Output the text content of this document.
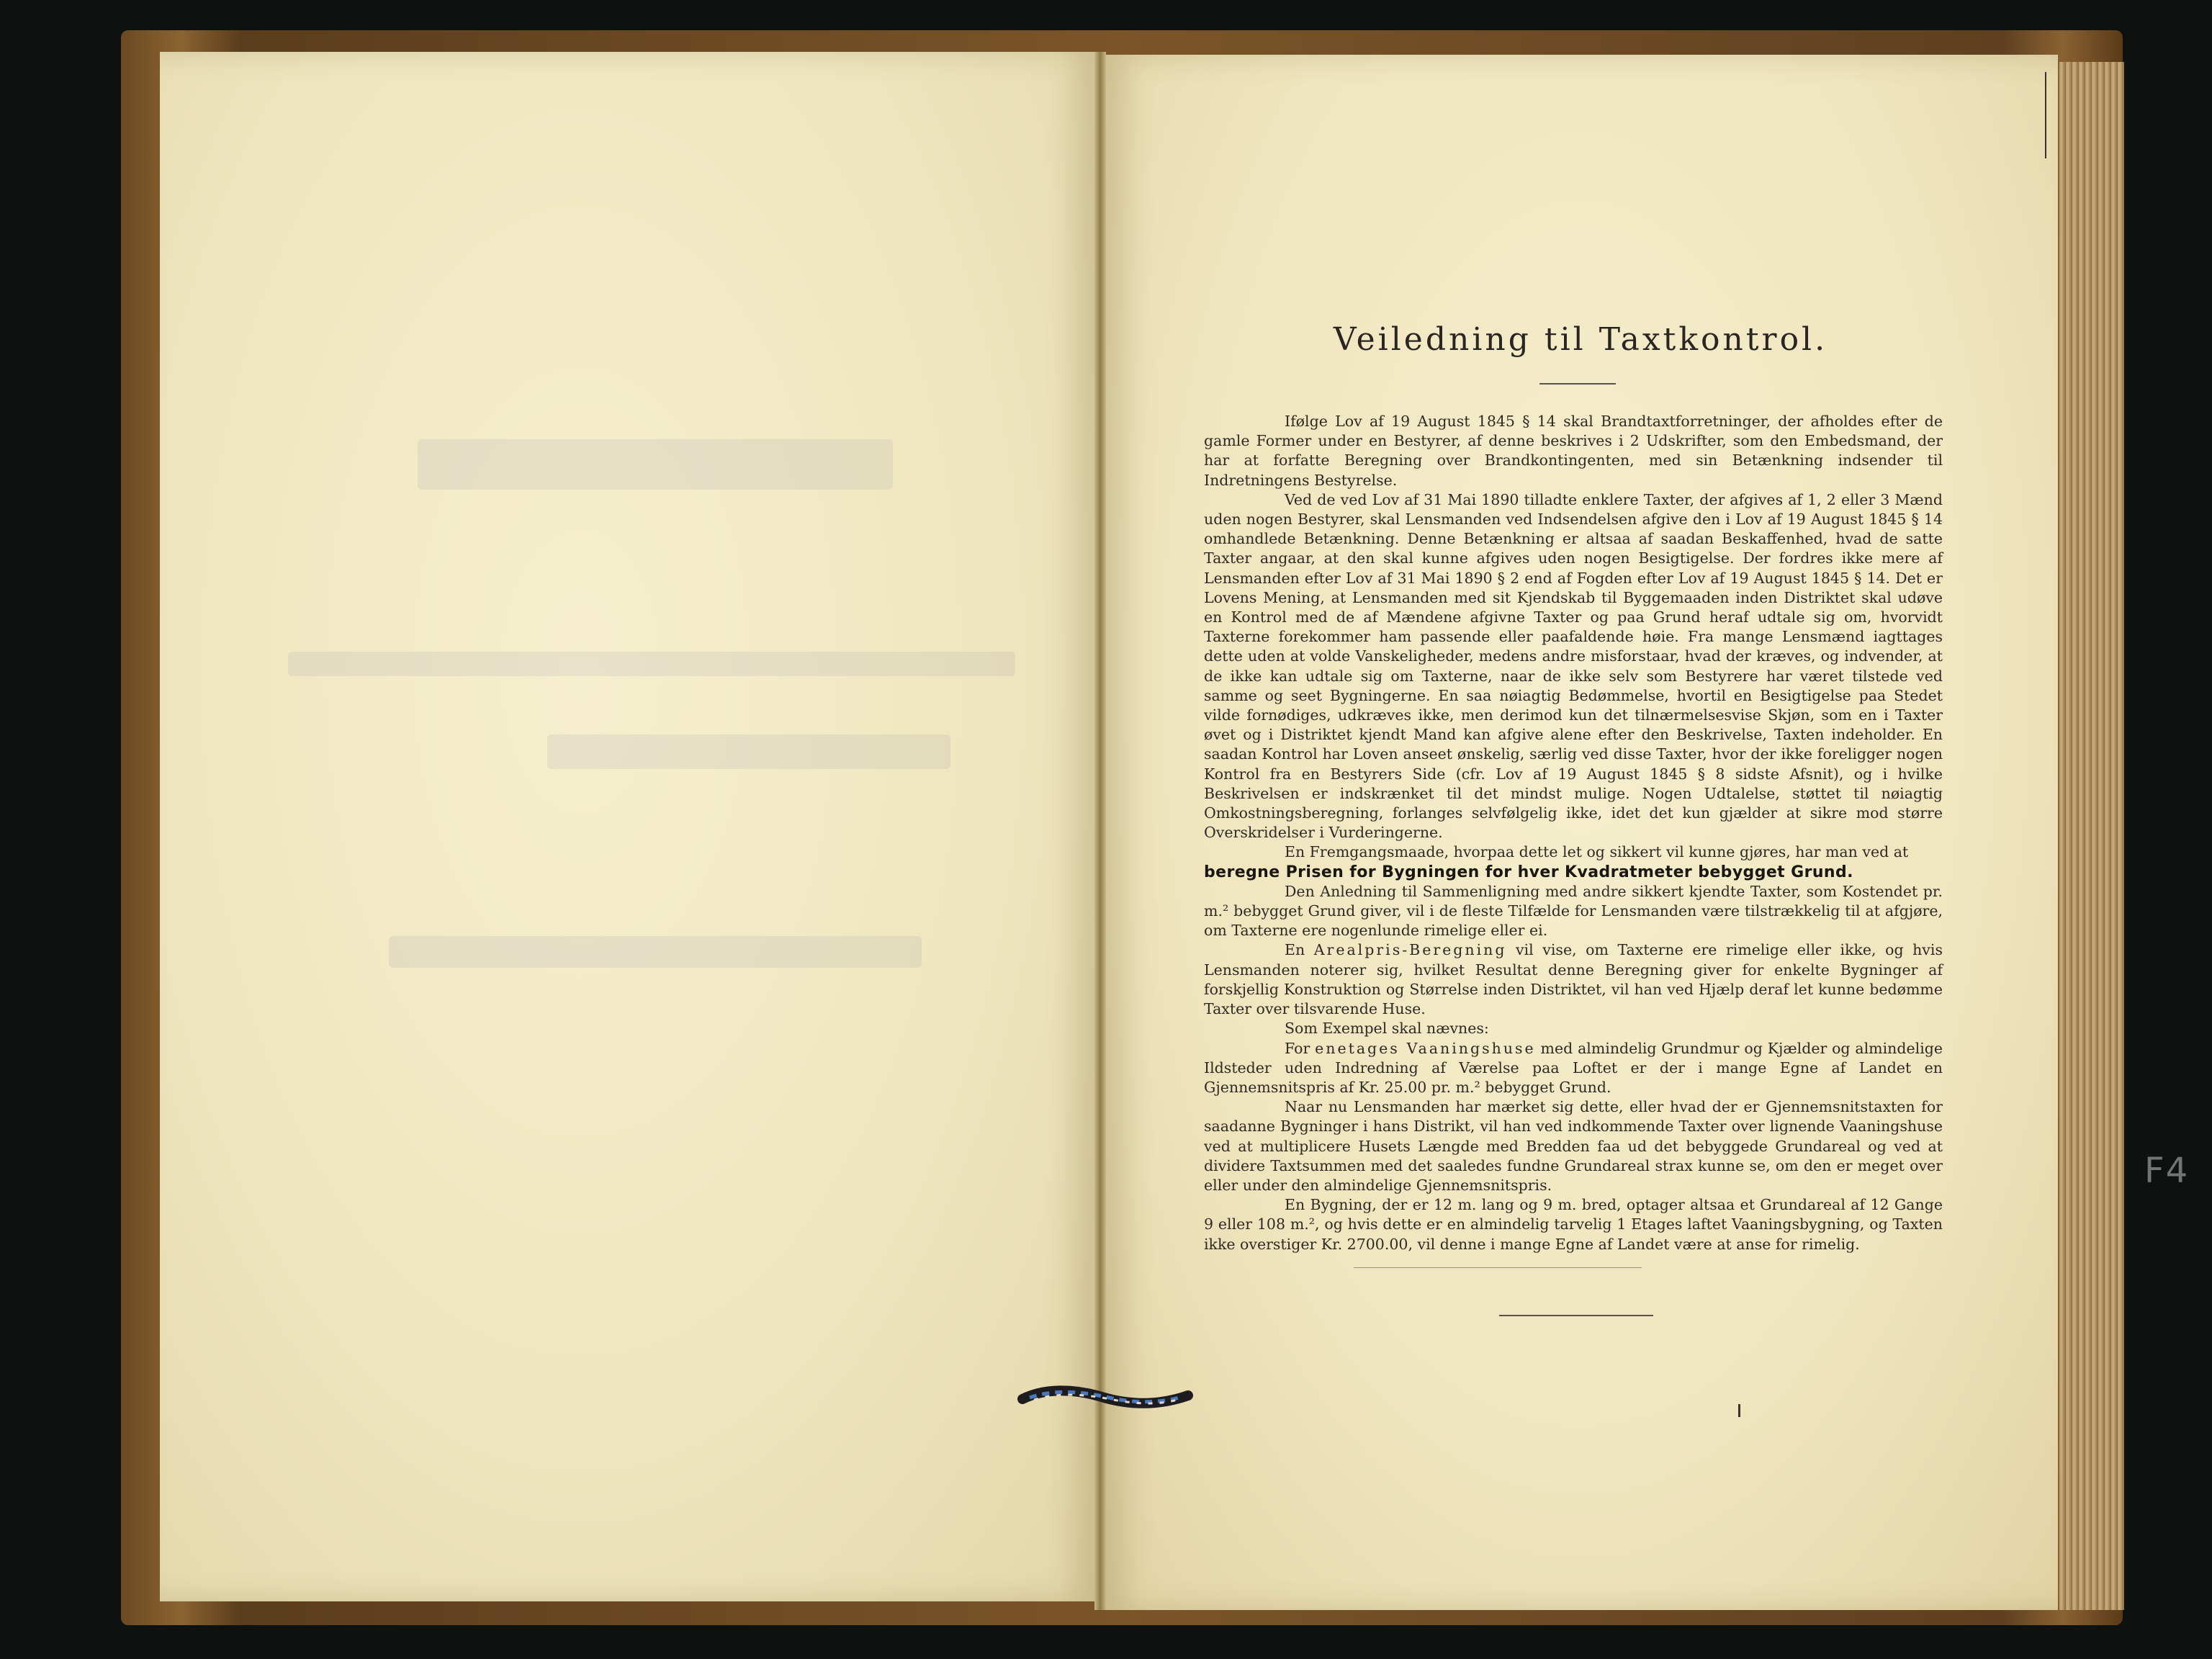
Veiledning til Taxtkontrol.

Ifølge Lov af 19 August 1845 § 14 skal Brandtaxtforretninger, der afholdes efter de gamle Former under en Bestyrer, af denne beskrives i 2 Udskrifter, som den Embedsmand, der har at forfatte Beregning over Brandkontingenten, med sin Betænkning indsender til Indretningens Bestyrelse.

Ved de ved Lov af 31 Mai 1890 tilladte enklere Taxter, der afgives af 1, 2 eller 3 Mænd uden nogen Bestyrer, skal Lensmanden ved Indsendelsen afgive den i Lov af 19 August 1845 § 14 omhandlede Betænkning. Denne Betænkning er altsaa af saadan Beskaffenhed, hvad de satte Taxter angaar, at den skal kunne afgives uden nogen Besigtigelse. Der fordres ikke mere af Lensmanden efter Lov af 31 Mai 1890 § 2 end af Fogden efter Lov af 19 August 1845 § 14. Det er Lovens Mening, at Lensmanden med sit Kjendskab til Byggemaaden inden Distriktet skal udøve en Kontrol med de af Mændene afgivne Taxter og paa Grund heraf udtale sig om, hvorvidt Taxterne forekommer ham passende eller paafaldende høie. Fra mange Lensmænd iagttages dette uden at volde Vanskeligheder, medens andre misforstaar, hvad der kræves, og indvender, at de ikke kan udtale sig om Taxterne, naar de ikke selv som Bestyrere har været tilstede ved samme og seet Bygningerne. En saa nøiagtig Bedømmelse, hvortil en Besigtigelse paa Stedet vilde fornødiges, udkræves ikke, men derimod kun det tilnærmelsesvise Skjøn, som en i Taxter øvet og i Distriktet kjendt Mand kan afgive alene efter den Beskrivelse, Taxten indeholder. En saadan Kontrol har Loven anseet ønskelig, særlig ved disse Taxter, hvor der ikke foreligger nogen Kontrol fra en Bestyrers Side (cfr. Lov af 19 August 1845 § 8 sidste Afsnit), og i hvilke Beskrivelsen er indskrænket til det mindst mulige. Nogen Udtalelse, støttet til nøiagtig Omkostningsberegning, forlanges selvfølgelig ikke, idet det kun gjælder at sikre mod større Overskridelser i Vurderingerne.

En Fremgangsmaade, hvorpaa dette let og sikkert vil kunne gjøres, har man ved at

beregne Prisen for Bygningen for hver Kvadratmeter bebygget Grund.

Den Anledning til Sammenligning med andre sikkert kjendte Taxter, som Kostendet pr. m.² bebygget Grund giver, vil i de fleste Tilfælde for Lensmanden være tilstrækkelig til at afgjøre, om Taxterne ere nogenlunde rimelige eller ei.

En Arealpris-Beregning vil vise, om Taxterne ere rimelige eller ikke, og hvis Lensmanden noterer sig, hvilket Resultat denne Beregning giver for enkelte Bygninger af forskjellig Konstruktion og Størrelse inden Distriktet, vil han ved Hjælp deraf let kunne bedømme Taxter over tilsvarende Huse.

Som Exempel skal nævnes:

For enetages Vaaningshuse med almindelig Grundmur og Kjælder og almindelige Ildsteder uden Indredning af Værelse paa Loftet er der i mange Egne af Landet en Gjennemsnitspris af Kr. 25.00 pr. m.² bebygget Grund.

Naar nu Lensmanden har mærket sig dette, eller hvad der er Gjennemsnitstaxten for saadanne Bygninger i hans Distrikt, vil han ved indkommende Taxter over lignende Vaaningshuse ved at multiplicere Husets Længde med Bredden faa ud det bebyggede Grundareal og ved at dividere Taxtsummen med det saaledes fundne Grundareal strax kunne se, om den er meget over eller under den almindelige Gjennemsnitspris.

En Bygning, der er 12 m. lang og 9 m. bred, optager altsaa et Grundareal af 12 Gange 9 eller 108 m.², og hvis dette er en almindelig tarvelig 1 Etages laftet Vaaningsbygning, og Taxten ikke overstiger Kr. 2700.00, vil denne i mange Egne af Landet være at anse for rimelig.

F4
